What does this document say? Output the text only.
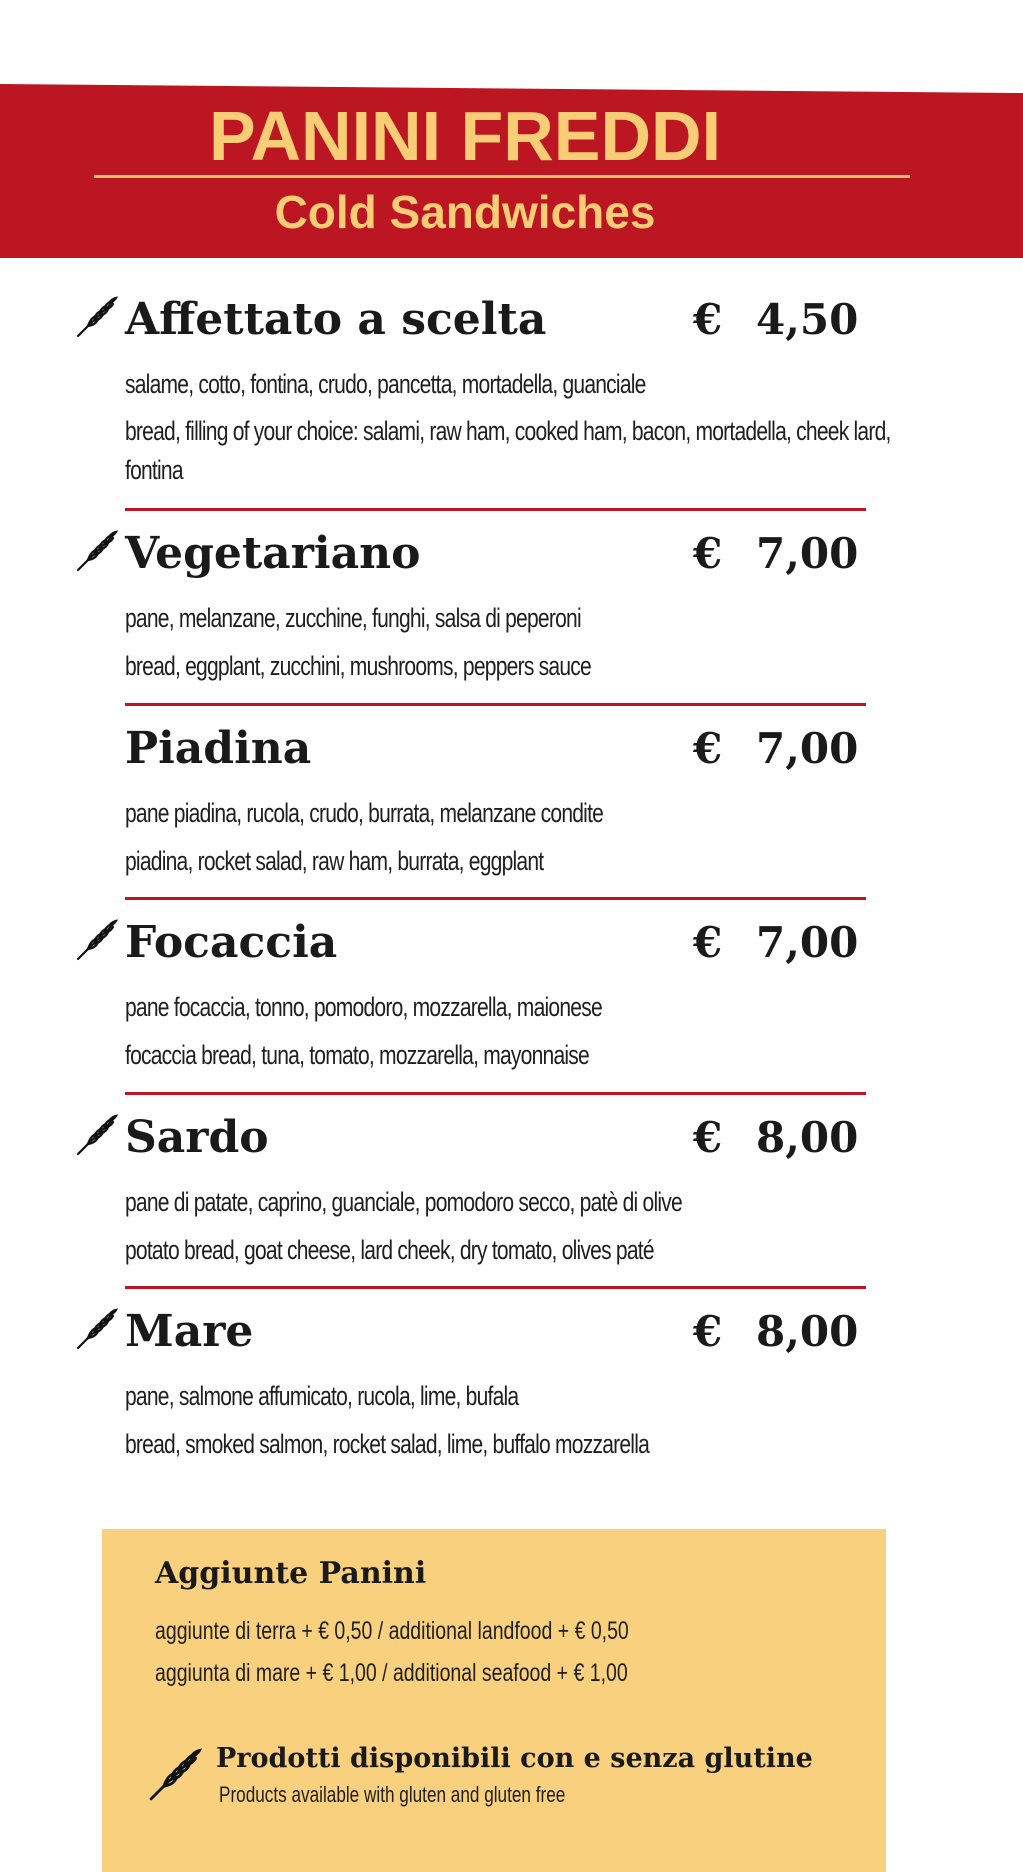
PANINI FREDDI
Cold Sandwiches
Affettato a scelta	€ 4,50
salame, cotto, fontina, crudo, pancetta, mortadella, guanciale
bread, filling of your choice: salami, raw ham, cooked ham, bacon, mortadella, cheek lard, fontina
Vegetariano	€ 7,00
pane, melanzane, zucchine, funghi, salsa di peperoni
bread, eggplant, zucchini, mushrooms, peppers sauce
Piadina	€ 7,00
pane piadina, rucola, crudo, burrata, melanzane condite
piadina, rocket salad, raw ham, burrata, eggplant
Focaccia	€ 7,00
pane focaccia, tonno, pomodoro, mozzarella, maionese
focaccia bread, tuna, tomato, mozzarella, mayonnaise
Sardo	€ 8,00
pane di patate, caprino, guanciale, pomodoro secco, patè di olive
potato bread, goat cheese, lard cheek, dry tomato, olives paté
Mare	€ 8,00
pane, salmone affumicato, rucola, lime, bufala
bread, smoked salmon, rocket salad, lime, buffalo mozzarella
Aggiunte Panini
aggiunte di terra + € 0,50 / additional landfood + € 0,50
aggiunta di mare + € 1,00 / additional seafood + € 1,00
Prodotti disponibili con e senza glutine
Products available with gluten and gluten free
